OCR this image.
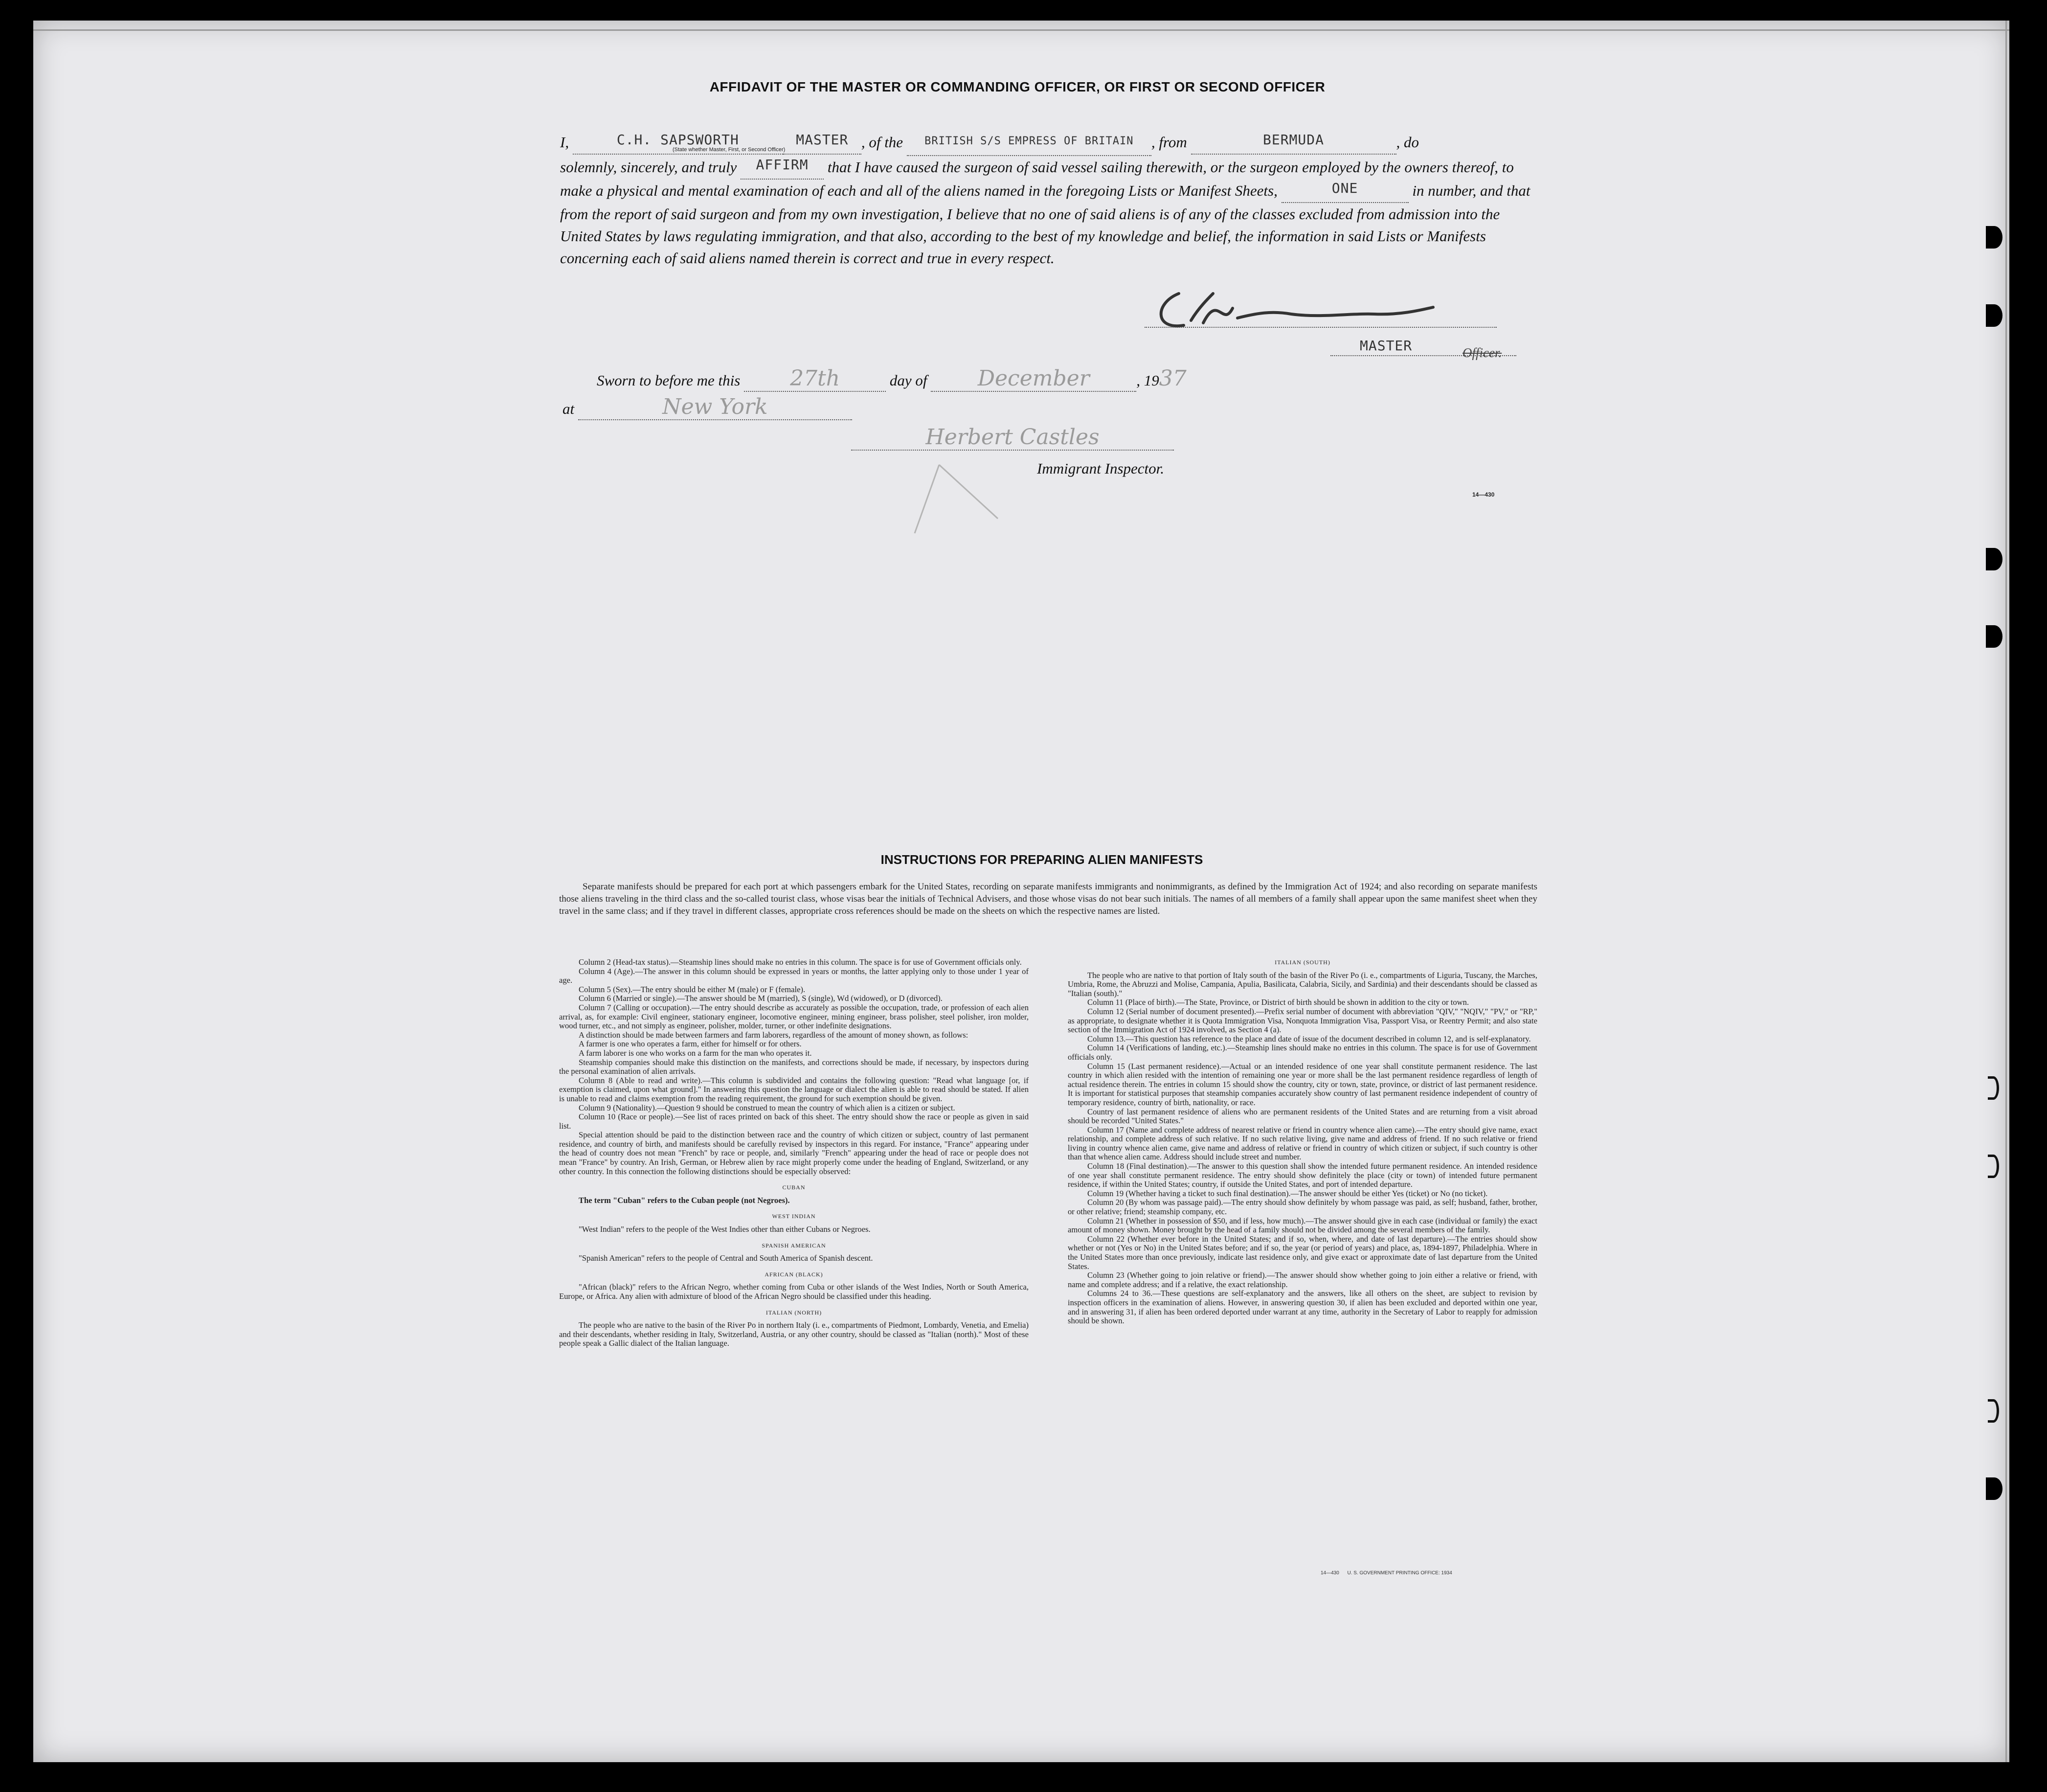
AFFIDAVIT OF THE MASTER OR COMMANDING OFFICER, OR FIRST OR SECOND OFFICER
I,	C.H. SAPSWORTH	MASTER , of the BRITISH S/S EMPRESS OF BRITAIN , from	BERMUDA	, do
solemnly, sincerely, and truly AFFIRM that I have caused the surgeon of said vessel sailing therewith, or the surgeon employed by the owners thereof, to make a physical and mental examination of each and all of the aliens named in the foregoing Lists or Manifest Sheets,	ONE	in number, and that from the report of said surgeon and from my own investigation, I believe that no one of said aliens is of any of the classes excluded from admission into the United States by laws regulating immigration, and that also, according to the best of my knowledge and belief, the information in said Lists or Manifests concerning each of said aliens named therein is correct and true in every respect.
(State whether Master, First, or Second Officer)
MASTER	Officer.
Sworn to before me this 27th	day of December	, 1937
at	New York
Herbert Castles
Immigrant Inspector.
14—430
INSTRUCTIONS FOR PREPARING ALIEN MANIFESTS
Separate manifests should be prepared for each port at which passengers embark for the United States, recording on separate manifests immigrants and nonimmigrants, as defined by the Immigration Act of 1924; and also recording on separate manifests those aliens traveling in the third class and the so-called tourist class, whose visas bear the initials of Technical Advisers, and those whose visas do not bear such initials. The names of all members of a family shall appear upon the same manifest sheet when they travel in the same class; and if they travel in different classes, appropriate cross references should be made on the sheets on which the respective names are listed.

Column 2 (Head-tax status).—Steamship lines should make no entries in this column. The space is for use of Government officials only.

Column 4 (Age).—The answer in this column should be expressed in years or months, the latter applying only to those under 1 year of age.

Column 5 (Sex).—The entry should be either M (male) or F (female).

Column 6 (Married or single).—The answer should be M (married), S (single), Wd (widowed), or D (divorced).

Column 7 (Calling or occupation).—The entry should describe as accurately as possible the occupation, trade, or profession of each alien arrival, as, for example: Civil engineer, stationary engineer, locomotive engineer, mining engineer, brass polisher, steel polisher, iron molder, wood turner, etc., and not simply as engineer, polisher, molder, turner, or other indefinite designations.

A distinction should be made between farmers and farm laborers, regardless of the amount of money shown, as follows:

A farmer is one who operates a farm, either for himself or for others.

A farm laborer is one who works on a farm for the man who operates it.

Steamship companies should make this distinction on the manifests, and corrections should be made, if necessary, by inspectors during the personal examination of alien arrivals.

Column 8 (Able to read and write).—This column is subdivided and contains the following question: "Read what language [or, if exemption is claimed, upon what ground]." In answering this question the language or dialect the alien is able to read should be stated. If alien is unable to read and claims exemption from the reading requirement, the ground for such exemption should be given.

Column 9 (Nationality).—Question 9 should be construed to mean the country of which alien is a citizen or subject.

Column 10 (Race or people).—See list of races printed on back of this sheet. The entry should show the race or people as given in said list.

Special attention should be paid to the distinction between race and the country of which citizen or subject, country of last permanent residence, and country of birth, and manifests should be carefully revised by inspectors in this regard. For instance, "France" appearing under the head of country does not mean "French" by race or people, and, similarly "French" appearing under the head of race or people does not mean "France" by country. An Irish, German, or Hebrew alien by race might properly come under the heading of England, Switzerland, or any other country. In this connection the following distinctions should be especially observed:

CUBAN

The term "Cuban" refers to the Cuban people (not Negroes).

WEST INDIAN

"West Indian" refers to the people of the West Indies other than either Cubans or Negroes.

SPANISH AMERICAN

"Spanish American" refers to the people of Central and South America of Spanish descent.

AFRICAN (BLACK)

"African (black)" refers to the African Negro, whether coming from Cuba or other islands of the West Indies, North or South America, Europe, or Africa. Any alien with admixture of blood of the African Negro should be classified under this heading.

ITALIAN (NORTH)

The people who are native to the basin of the River Po in northern Italy (i. e., compartments of Piedmont, Lombardy, Venetia, and Emelia) and their descendants, whether residing in Italy, Switzerland, Austria, or any other country, should be classed as "Italian (north)." Most of these people speak a Gallic dialect of the Italian language.

ITALIAN (SOUTH)

The people who are native to that portion of Italy south of the basin of the River Po (i. e., compartments of Liguria, Tuscany, the Marches, Umbria, Rome, the Abruzzi and Molise, Campania, Apulia, Basilicata, Calabria, Sicily, and Sardinia) and their descendants should be classed as "Italian (south)."

Column 11 (Place of birth).—The State, Province, or District of birth should be shown in addition to the city or town.

Column 12 (Serial number of document presented).—Prefix serial number of document with abbreviation "QIV," "NQIV," "PV," or "RP," as appropriate, to designate whether it is Quota Immigration Visa, Nonquota Immigration Visa, Passport Visa, or Reentry Permit; and also state section of the Immigration Act of 1924 involved, as Section 4 (a).

Column 13.—This question has reference to the place and date of issue of the document described in column 12, and is self-explanatory.

Column 14 (Verifications of landing, etc.).—Steamship lines should make no entries in this column. The space is for use of Government officials only.

Column 15 (Last permanent residence).—Actual or an intended residence of one year shall constitute permanent residence. The last country in which alien resided with the intention of remaining one year or more shall be the last permanent residence regardless of length of actual residence therein. The entries in column 15 should show the country, city or town, state, province, or district of last permanent residence. It is important for statistical purposes that steamship companies accurately show country of last permanent residence independent of country of temporary residence, country of birth, nationality, or race.

Country of last permanent residence of aliens who are permanent residents of the United States and are returning from a visit abroad should be recorded "United States."

Column 17 (Name and complete address of nearest relative or friend in country whence alien came).—The entry should give name, exact relationship, and complete address of such relative. If no such relative living, give name and address of friend. If no such relative or friend living in country whence alien came, give name and address of relative or friend in country of which citizen or subject, if such country is other than that whence alien came. Address should include street and number.

Column 18 (Final destination).—The answer to this question shall show the intended future permanent residence. An intended residence of one year shall constitute permanent residence. The entry should show definitely the place (city or town) of intended future permanent residence, if within the United States; country, if outside the United States, and port of intended departure.

Column 19 (Whether having a ticket to such final destination).—The answer should be either Yes (ticket) or No (no ticket).

Column 20 (By whom was passage paid).—The entry should show definitely by whom passage was paid, as self; husband, father, brother, or other relative; friend; steamship company, etc.

Column 21 (Whether in possession of $50, and if less, how much).—The answer should give in each case (individual or family) the exact amount of money shown. Money brought by the head of a family should not be divided among the several members of the family.

Column 22 (Whether ever before in the United States; and if so, when, where, and date of last departure).—The entries should show whether or not (Yes or No) in the United States before; and if so, the year (or period of years) and place, as, 1894-1897, Philadelphia. Where in the United States more than once previously, indicate last residence only, and give exact or approximate date of last departure from the United States.

Column 23 (Whether going to join relative or friend).—The answer should show whether going to join either a relative or friend, with name and complete address; and if a relative, the exact relationship.

Columns 24 to 36.—These questions are self-explanatory and the answers, like all others on the sheet, are subject to revision by inspection officers in the examination of aliens. However, in answering question 30, if alien has been excluded and deported within one year, and in answering 31, if alien has been ordered deported under warrant at any time, authority in the Secretary of Labor to reapply for admission should be shown.

14—430 U. S. GOVERNMENT PRINTING OFFICE: 1934
